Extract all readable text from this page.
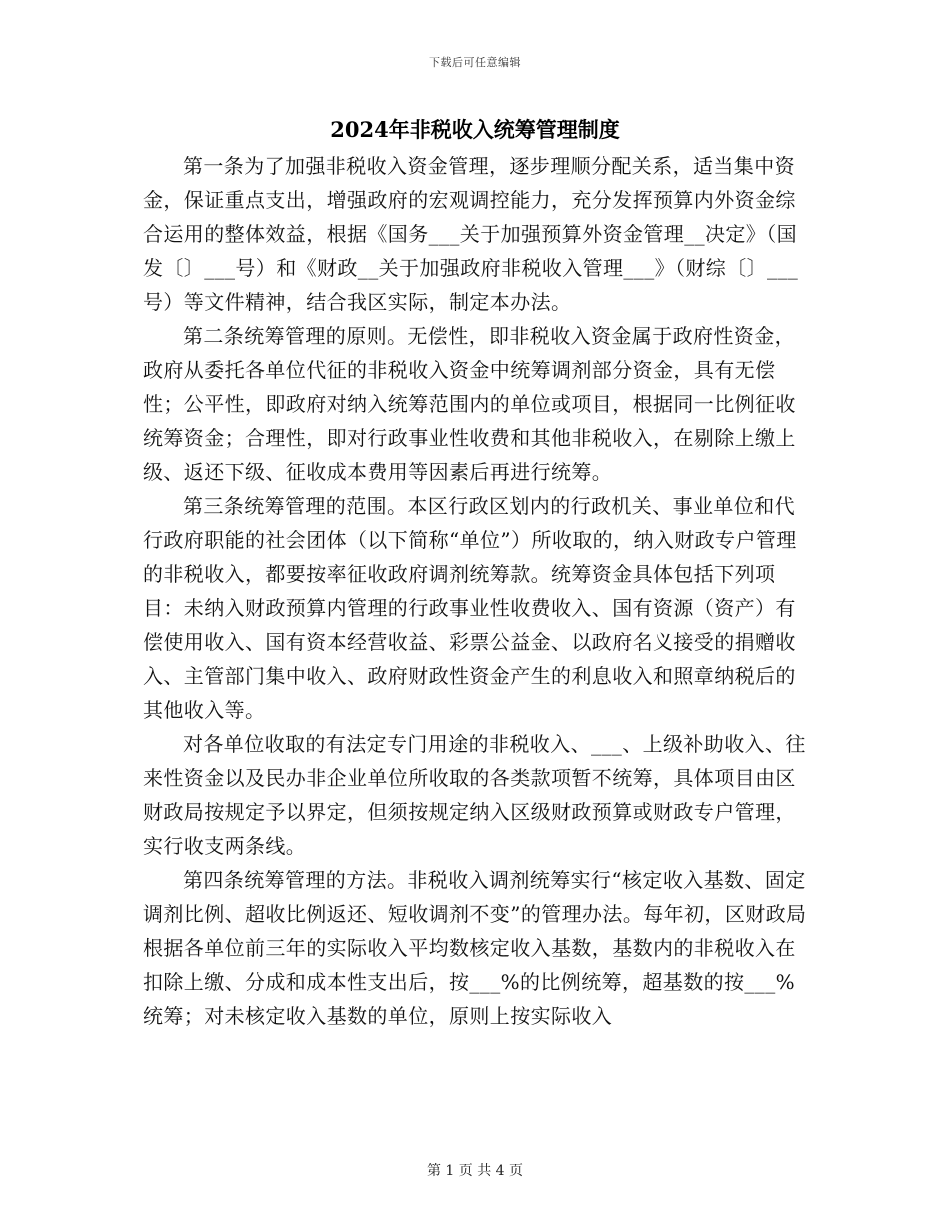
下载后可任意编辑
2024年非税收入统筹管理制度

第一条为了加强非税收入资金管理，逐步理顺分配关系，适当集中资金，保证重点支出，增强政府的宏观调控能力，充分发挥预算内外资金综合运用的整体效益，根据《国务___关于加强预算外资金管理__决定》（国发〔〕___号）和《财政__关于加强政府非税收入管理___》（财综〔〕___号）等文件精神，结合我区实际，制定本办法。

第二条统筹管理的原则。无偿性，即非税收入资金属于政府性资金，政府从委托各单位代征的非税收入资金中统筹调剂部分资金，具有无偿性；公平性，即政府对纳入统筹范围内的单位或项目，根据同一比例征收统筹资金；合理性，即对行政事业性收费和其他非税收入，在剔除上缴上级、返还下级、征收成本费用等因素后再进行统筹。

第三条统筹管理的范围。本区行政区划内的行政机关、事业单位和代行政府职能的社会团体（以下简称“单位”）所收取的，纳入财政专户管理的非税收入，都要按率征收政府调剂统筹款。统筹资金具体包括下列项目：未纳入财政预算内管理的行政事业性收费收入、国有资源（资产）有偿使用收入、国有资本经营收益、彩票公益金、以政府名义接受的捐赠收入、主管部门集中收入、政府财政性资金产生的利息收入和照章纳税后的其他收入等。

对各单位收取的有法定专门用途的非税收入、___、上级补助收入、往来性资金以及民办非企业单位所收取的各类款项暂不统筹，具体项目由区财政局按规定予以界定，但须按规定纳入区级财政预算或财政专户管理，实行收支两条线。

第四条统筹管理的方法。非税收入调剂统筹实行“核定收入基数、固定调剂比例、超收比例返还、短收调剂不变”的管理办法。每年初，区财政局根据各单位前三年的实际收入平均数核定收入基数，基数内的非税收入在扣除上缴、分成和成本性支出后，按___%的比例统筹，超基数的按___%统筹；对未核定收入基数的单位，原则上按实际收入

第 1 页 共 4 页
